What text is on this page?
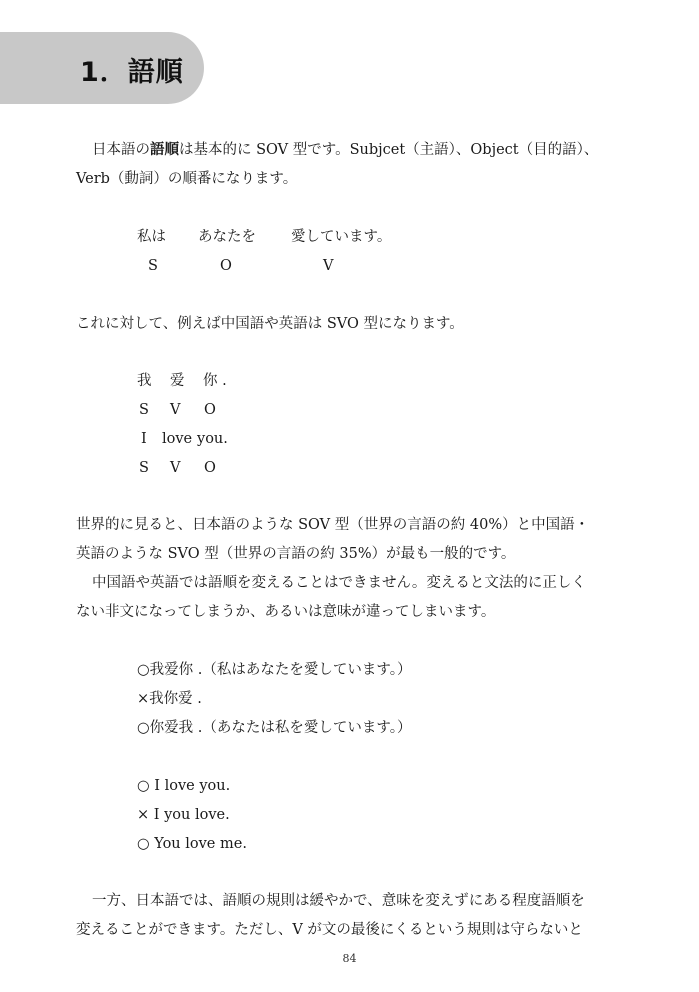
1．語順
日本語の語順は基本的に SOV 型です。Subjcet（主語）、Object（目的語）、
Verb（動詞）の順番になります。
私は あなたを 愛しています。
S	O	V
これに対して、例えば中国語や英語は SVO 型になります。
我 爱 你 .
S V O
I love you.
S V O
世界的に見ると、日本語のような SOV 型（世界の言語の約 40%）と中国語・
英語のような SVO 型（世界の言語の約 35%）が最も一般的です。
中国語や英語では語順を変えることはできません。変えると文法的に正しく
ない非文になってしまうか、あるいは意味が違ってしまいます。
○我爱你 .（私はあなたを愛しています。）
×我你爱 .
○你爱我 .（あなたは私を愛しています。）
○ I love you.
× I you love.
○ You love me.
一方、日本語では、語順の規則は緩やかで、意味を変えずにある程度語順を
変えることができます。ただし、V が文の最後にくるという規則は守らないと
84
